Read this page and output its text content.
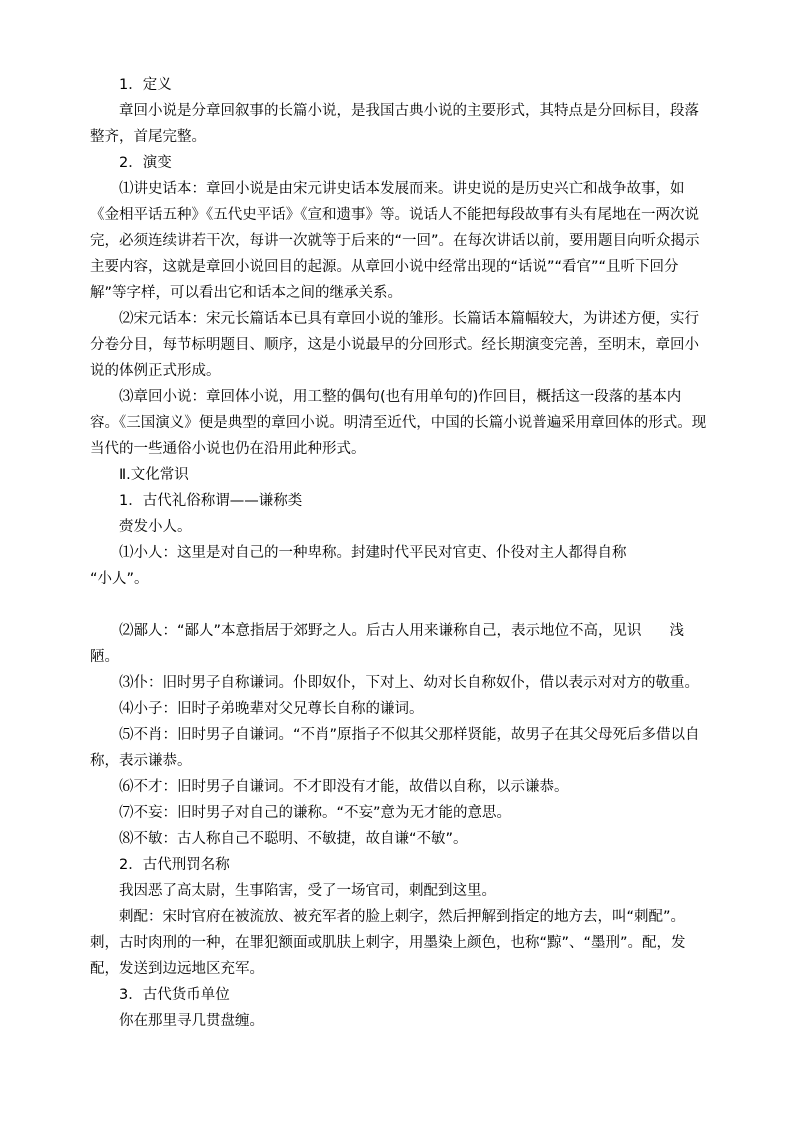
1．定义

章回小说是分章回叙事的长篇小说，是我国古典小说的主要形式，其特点是分回标目，段落整齐，首尾完整。

2．演变

⑴讲史话本：章回小说是由宋元讲史话本发展而来。讲史说的是历史兴亡和战争故事，如《金相平话五种》《五代史平话》《宣和遗事》等。说话人不能把每段故事有头有尾地在一两次说完，必须连续讲若干次，每讲一次就等于后来的“一回”。在每次讲话以前，要用题目向听众揭示主要内容，这就是章回小说回目的起源。从章回小说中经常出现的“话说”“看官”“且听下回分解”等字样，可以看出它和话本之间的继承关系。

⑵宋元话本：宋元长篇话本已具有章回小说的雏形。长篇话本篇幅较大，为讲述方便，实行分卷分目，每节标明题目、顺序，这是小说最早的分回形式。经长期演变完善，至明末，章回小说的体例正式形成。

⑶章回小说：章回体小说，用工整的偶句(也有用单句的)作回目，概括这一段落的基本内容。《三国演义》便是典型的章回小说。明清至近代，中国的长篇小说普遍采用章回体的形式。现当代的一些通俗小说也仍在沿用此种形式。

Ⅱ.文化常识

1．古代礼俗称谓——谦称类

赍发小人。

⑴小人：这里是对自己的一种卑称。封建时代平民对官吏、仆役对主人都得自称

“小人”。

⑵鄙人：“鄙人”本意指居于郊野之人。后古人用来谦称自己，表示地位不高，见识 浅陋。

⑶仆：旧时男子自称谦词。仆即奴仆，下对上、幼对长自称奴仆，借以表示对对方的敬重。

⑷小子：旧时子弟晚辈对父兄尊长自称的谦词。

⑸不肖：旧时男子自谦词。“不肖”原指子不似其父那样贤能，故男子在其父母死后多借以自称，表示谦恭。

⑹不才：旧时男子自谦词。不才即没有才能，故借以自称，以示谦恭。

⑺不妄：旧时男子对自己的谦称。“不妄”意为无才能的意思。

⑻不敏：古人称自己不聪明、不敏捷，故自谦“不敏”。

2．古代刑罚名称

我因恶了高太尉，生事陷害，受了一场官司，刺配到这里。

刺配：宋时官府在被流放、被充军者的脸上刺字，然后押解到指定的地方去，叫“刺配”。刺，古时肉刑的一种，在罪犯额面或肌肤上刺字，用墨染上颜色，也称“黥”、“墨刑”。配，发配，发送到边远地区充军。

3．古代货币单位

你在那里寻几贯盘缠。
